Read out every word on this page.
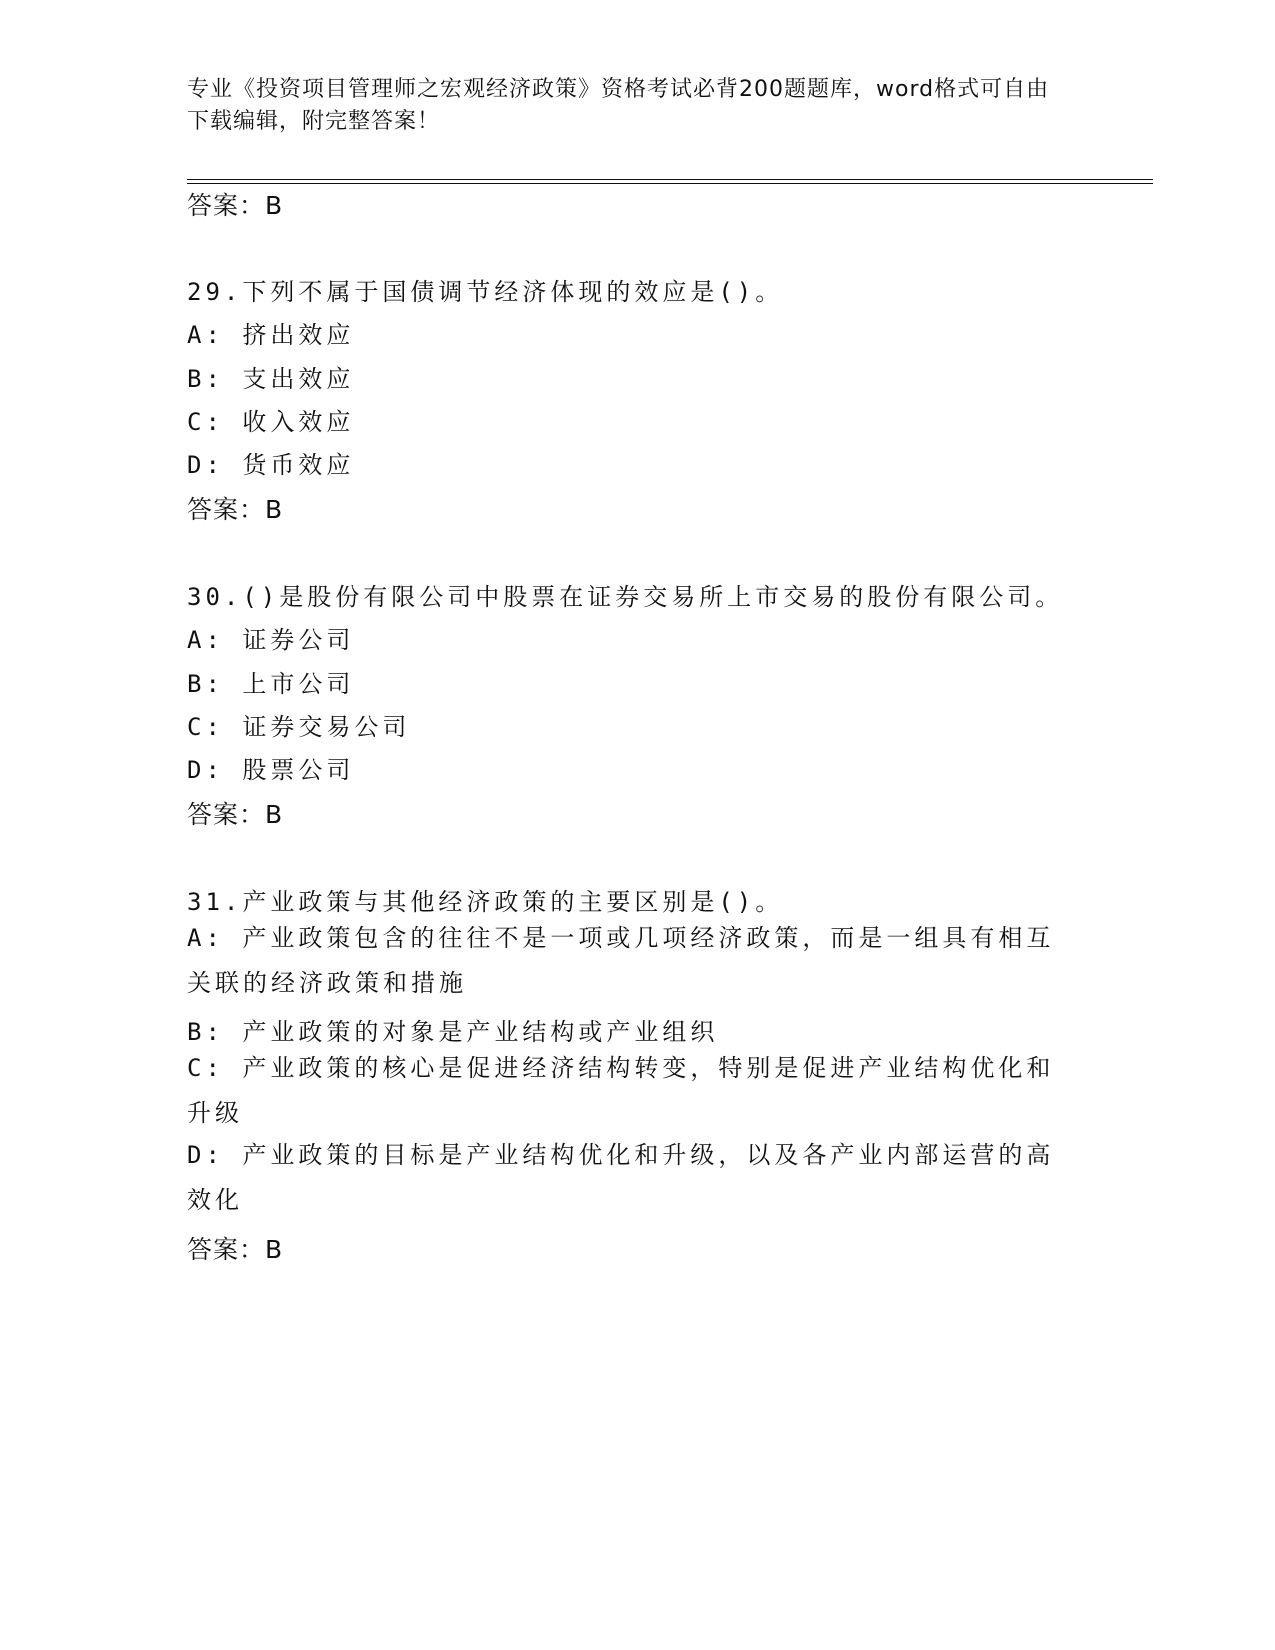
专业《投资项目管理师之宏观经济政策》资格考试必背200题题库，word格式可自由下载编辑，附完整答案！
答案：B
29.下列不属于国债调节经济体现的效应是()。
A: 挤出效应
B: 支出效应
C: 收入效应
D: 货币效应
答案：B
30.()是股份有限公司中股票在证券交易所上市交易的股份有限公司。
A: 证券公司
B: 上市公司
C: 证券交易公司
D: 股票公司
答案：B
31.产业政策与其他经济政策的主要区别是()。
A: 产业政策包含的往往不是一项或几项经济政策，而是一组具有相互关联的经济政策和措施
B: 产业政策的对象是产业结构或产业组织
C: 产业政策的核心是促进经济结构转变，特别是促进产业结构优化和升级
D: 产业政策的目标是产业结构优化和升级，以及各产业内部运营的高效化
答案：B
